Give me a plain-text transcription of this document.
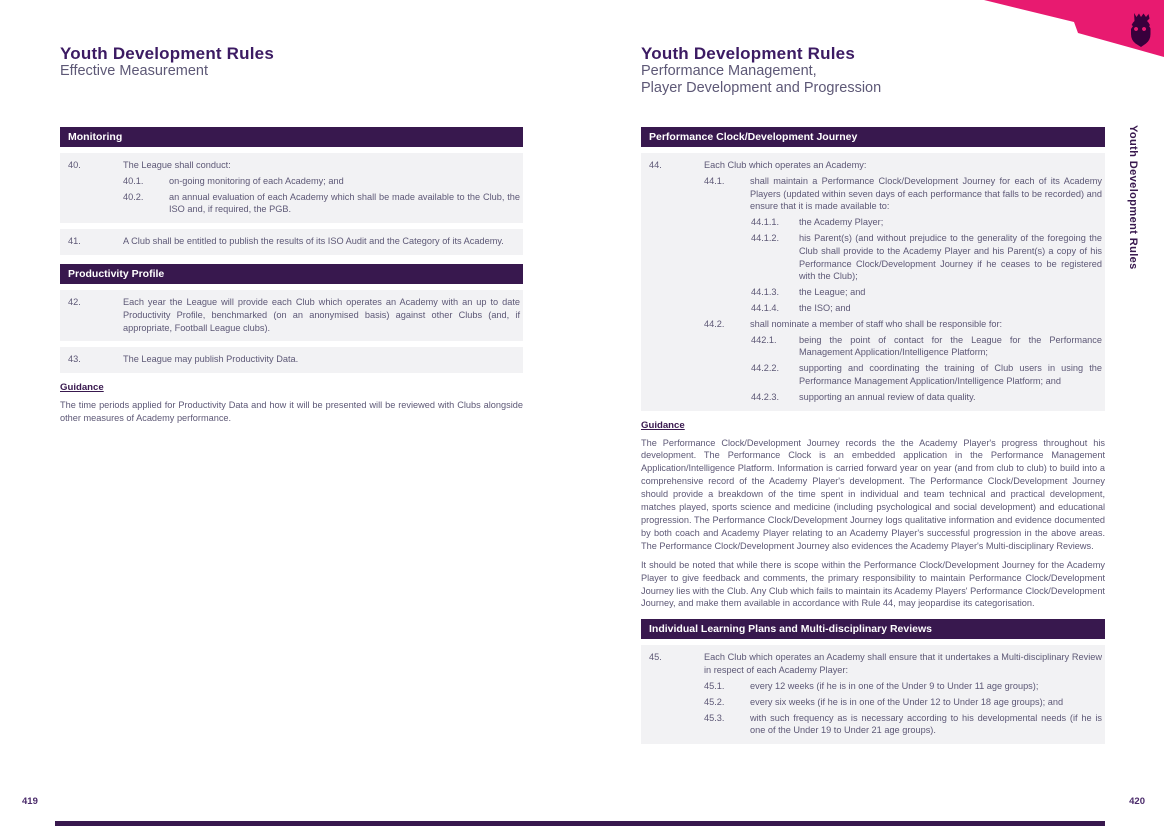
Youth Development Rules
Effective Measurement
Monitoring
40.	The League shall conduct:
40.1.	on-going monitoring of each Academy; and
40.2.	an annual evaluation of each Academy which shall be made available to the Club, the ISO and, if required, the PGB.
41.	A Club shall be entitled to publish the results of its ISO Audit and the Category of its Academy.
Productivity Profile
42.	Each year the League will provide each Club which operates an Academy with an up to date Productivity Profile, benchmarked (on an anonymised basis) against other Clubs (and, if appropriate, Football League clubs).
43.	The League may publish Productivity Data.
Guidance
The time periods applied for Productivity Data and how it will be presented will be reviewed with Clubs alongside other measures of Academy performance.
Youth Development Rules
Performance Management,
Player Development and Progression
Performance Clock/Development Journey
44.	Each Club which operates an Academy:
44.1.	shall maintain a Performance Clock/Development Journey for each of its Academy Players (updated within seven days of each performance that falls to be recorded) and ensure that it is made available to:
44.1.1.	the Academy Player;
44.1.2.	his Parent(s) (and without prejudice to the generality of the foregoing the Club shall provide to the Academy Player and his Parent(s) a copy of his Performance Clock/Development Journey if he ceases to be registered with the Club);
44.1.3.	the League; and
44.1.4.	the ISO; and
44.2.	shall nominate a member of staff who shall be responsible for:
442.1.	being the point of contact for the League for the Performance Management Application/Intelligence Platform;
44.2.2.	supporting and coordinating the training of Club users in using the Performance Management Application/Intelligence Platform; and
44.2.3.	supporting an annual review of data quality.
Guidance
The Performance Clock/Development Journey records the the Academy Player's progress throughout his development. The Performance Clock is an embedded application in the Performance Management Application/Intelligence Platform. Information is carried forward year on year (and from club to club) to build into a comprehensive record of the Academy Player's development. The Performance Clock/Development Journey should provide a breakdown of the time spent in individual and team technical and practical development, matches played, sports science and medicine (including psychological and social development) and educational progression. The Performance Clock/Development Journey logs qualitative information and evidence documented by both coach and Academy Player relating to an Academy Player's successful progression in the above areas. The Performance Clock/Development Journey also evidences the Academy Player's Multi-disciplinary Reviews.
It should be noted that while there is scope within the Performance Clock/Development Journey for the Academy Player to give feedback and comments, the primary responsibility to maintain Performance Clock/Development Journey lies with the Club. Any Club which fails to maintain its Academy Players' Performance Clock/Development Journey, and make them available in accordance with Rule 44, may jeopardise its categorisation.
Individual Learning Plans and Multi-disciplinary Reviews
45.	Each Club which operates an Academy shall ensure that it undertakes a Multi-disciplinary Review in respect of each Academy Player:
45.1.	every 12 weeks (if he is in one of the Under 9 to Under 11 age groups);
45.2.	every six weeks (if he is in one of the Under 12 to Under 18 age groups); and
45.3.	with such frequency as is necessary according to his developmental needs (if he is one of the Under 19 to Under 21 age groups).
Youth Development Rules
419	420
